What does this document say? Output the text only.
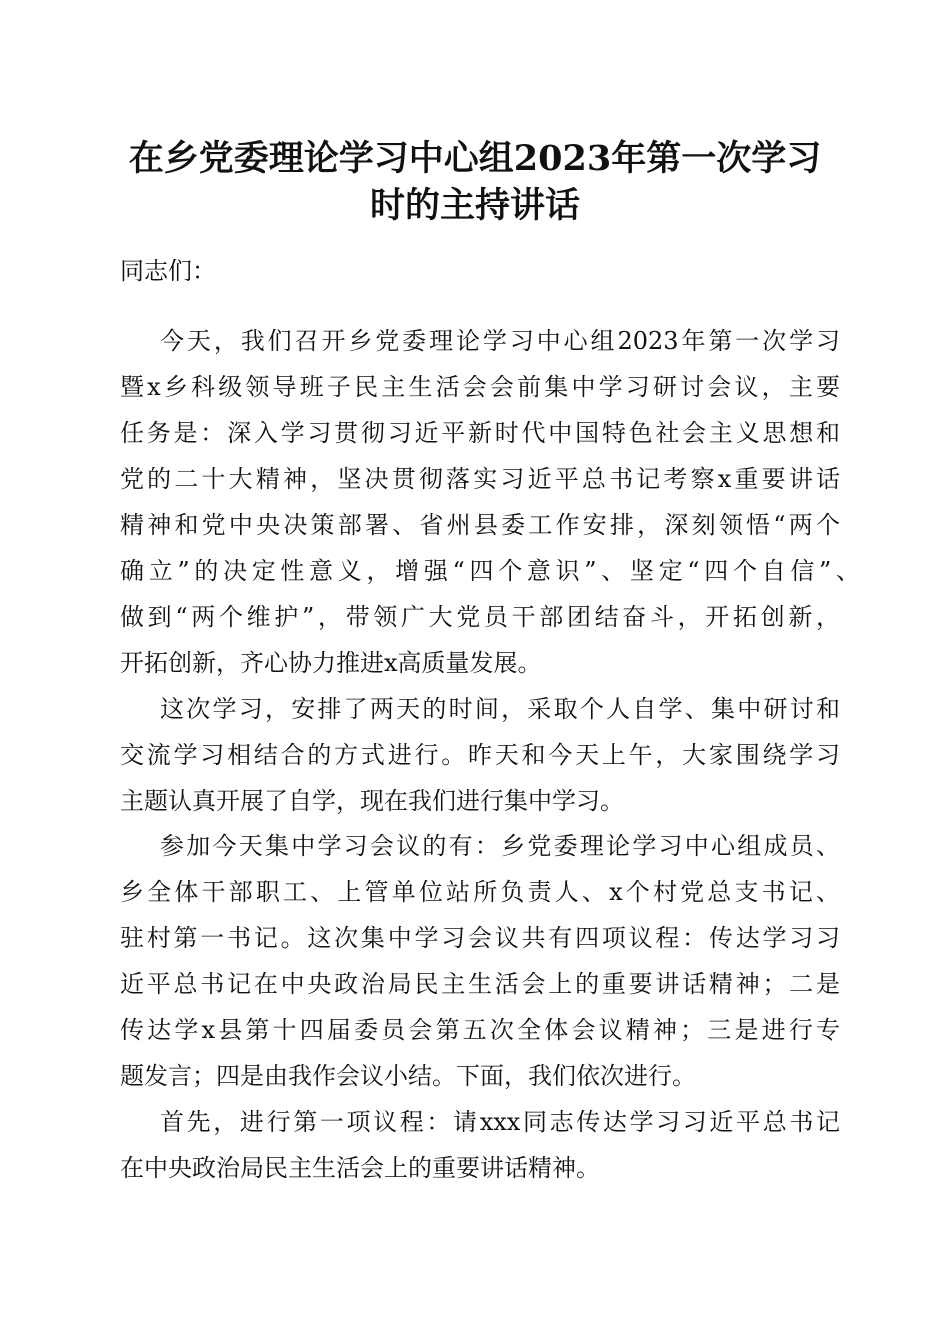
在乡党委理论学习中心组2023年第一次学习
时的主持讲话
同志们：
今天，我们召开乡党委理论学习中心组2023年第一次学习
暨x乡科级领导班子民主生活会会前集中学习研讨会议，主要
任务是：深入学习贯彻习近平新时代中国特色社会主义思想和
党的二十大精神，坚决贯彻落实习近平总书记考察x重要讲话
精神和党中央决策部署、省州县委工作安排，深刻领悟“两个
确立”的决定性意义，增强“四个意识”、坚定“四个自信”、
做到“两个维护”，带领广大党员干部团结奋斗，开拓创新，
开拓创新，齐心协力推进x高质量发展。
这次学习，安排了两天的时间，采取个人自学、集中研讨和
交流学习相结合的方式进行。昨天和今天上午，大家围绕学习
主题认真开展了自学，现在我们进行集中学习。
参加今天集中学习会议的有：乡党委理论学习中心组成员、
乡全体干部职工、上管单位站所负责人、x个村党总支书记、
驻村第一书记。这次集中学习会议共有四项议程：传达学习习
近平总书记在中央政治局民主生活会上的重要讲话精神；二是
传达学x县第十四届委员会第五次全体会议精神；三是进行专
题发言；四是由我作会议小结。下面，我们依次进行。
首先，进行第一项议程：请xxx同志传达学习习近平总书记
在中央政治局民主生活会上的重要讲话精神。
